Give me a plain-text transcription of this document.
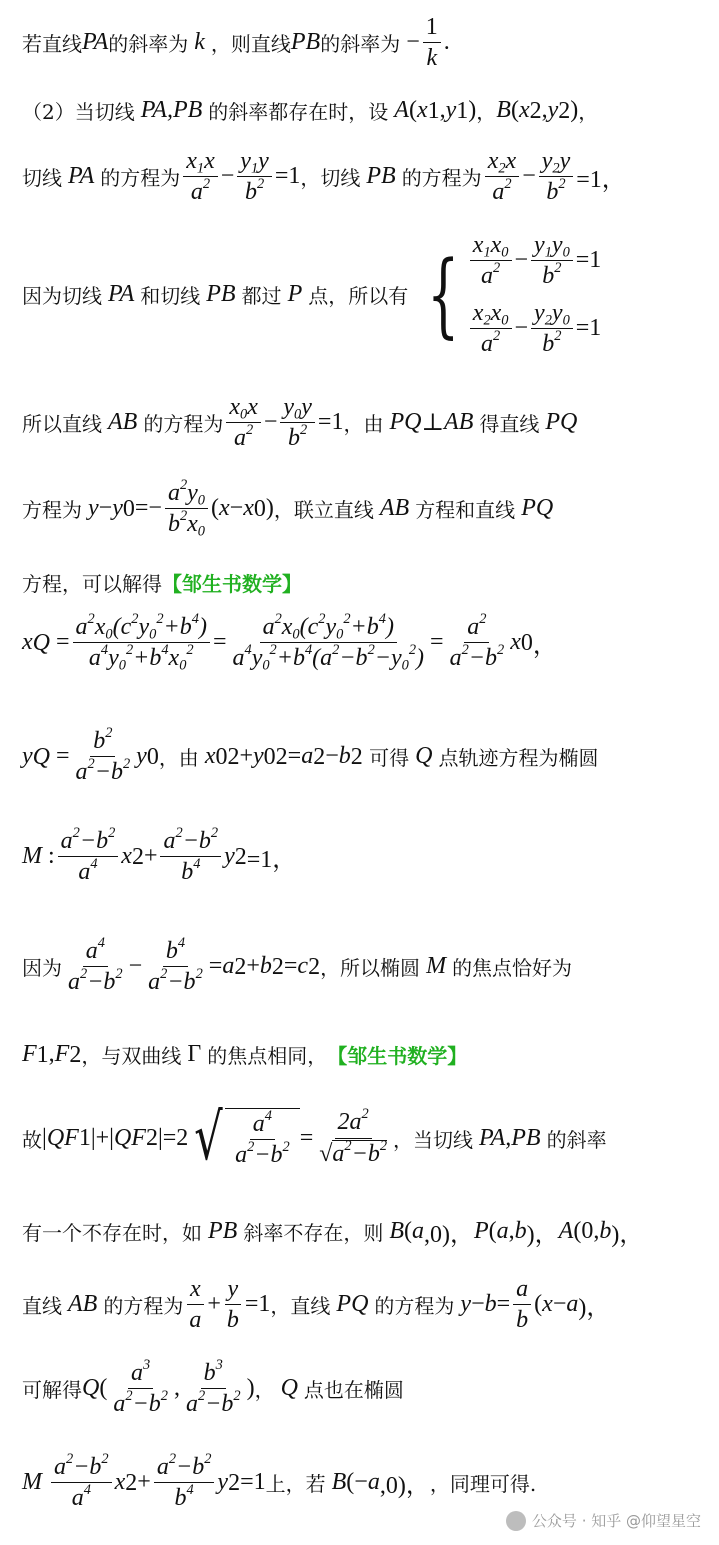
若直线 PA 的斜率为 k ，则直线 PB 的斜率为 − $\frac{1}{k}$ .
（2）当切线 PA,PB 的斜率都存在时，设 A ( x 1 , y 1 ) ， B ( x 2 , y 2 ) ，
切线 PA 的方程为 $\frac{x_1x}{a^2} - \frac{y_1y}{b^2} =1$ ，切线 PB 的方程为 $\frac{x_2x}{a^2} - \frac{y_2y}{b^2} =1$，
因为切线 PA 和切线 PB 都过 P 点，所以有 { $\frac{x_1x_0}{a^2} - \frac{y_1y_0}{b^2} =1$
$\frac{x_2x_0}{a^2} - \frac{y_2y_0}{b^2} =1$
所以直线 AB 的方程为 $\frac{x_0x}{a^2} - \frac{y_0y}{b^2} =1$ ，由 PQ ⊥ AB 得直线 PQ
方程为 y − y $0 =- \frac{a^2y_0}{b^2x_0}$ ( x − x 0 ) ，联立直线 AB 方程和直线 PQ
方程，可以解得 【邹生书数学】
x $Q = \frac{a^2x_0(c^2y_0^2+b^4)}{a^4y_0^2+b^4x_0^2} = \frac{a^2x_0(c^2y_0^2+b^4)}{a^4y_0^2+b^4(a^2-b^2-y_0^2)} = \frac{a^2}{a^2-b^2}$ x 0 ，
y $Q = \frac{b^2}{a^2-b^2}$ y 0 ，由 x 0 2 + y 0 2 = a 2 − b 2
可得 Q 点轨迹方程为椭圆
M : $\frac{a^2-b^2}{a^4}$ x $2 + \frac{a^2-b^2}{b^4}$ y 2 =1，
因为 $\frac{a^4}{a^2-b^2} - \frac{b^4}{a^2-b^2} = a$ 2 + b 2 = c 2 ，所以椭圆 M 的焦点恰好为
F 1 , F 2 ，与双曲线 Γ 的焦点相同， 【邹生书数学】
故 | QF 1 |+| QF 2 |=2 √ $\frac{a^4}{a^2-b^2} = \frac{2a^2}{√a^2-b^2}$ ，当切线 PA,PB 的斜率
有一个不存在时，如 PB 斜率不存在，则 B ( a ,0)， P ( a , b )， A (0, b )，
直线 AB 的方程为 $\frac{x}{a} + \frac{y}{b} =1$ ，直线 PQ 的方程为 $y - b = \frac{a}{b}$ ( x − a )，
可解得 Q ( $\frac{a^3}{a^2-b^2}$ , $\frac{b^3}{a^2-b^2}$ ) ， Q 点也在椭圆
M $\frac{a^2-b^2}{a^4}$ x $2 + \frac{a^2-b^2}{b^4}$ y 2 =1 上，若 B (− a ,0)， ，同理可得.
公众号 · 知乎 @仰望星空
